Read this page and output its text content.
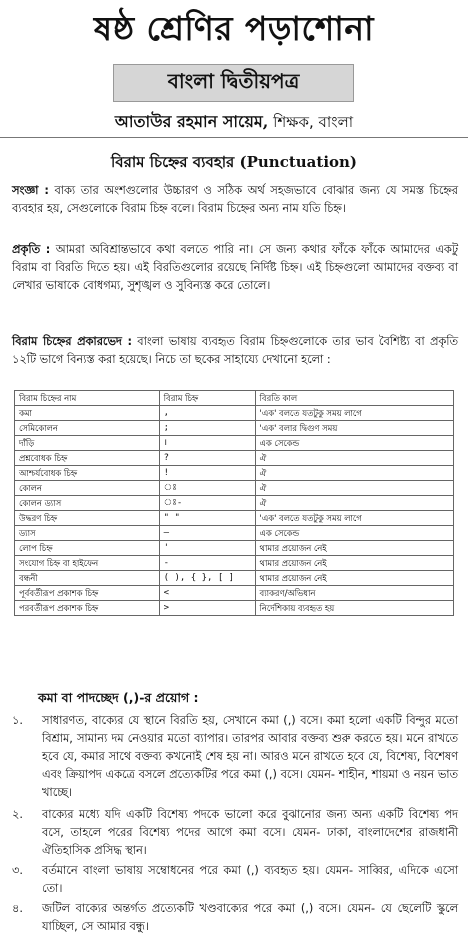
ষষ্ঠ শ্রেণির পড়াশোনা
বাংলা দ্বিতীয়পত্র
আতাউর রহমান সায়েম, শিক্ষক, বাংলা
বিরাম চিহ্নের ব্যবহার (Punctuation)

সংজ্ঞা : বাক্য তার অংশগুলোর উচ্চারণ ও সঠিক অর্থ সহজভাবে বোঝার জন্য যে সমস্ত চিহ্নের ব্যবহার হয়, সেগুলোকে বিরাম চিহ্ন বলে। বিরাম চিহ্নের অন্য নাম যতি চিহ্ন।

প্রকৃতি : আমরা অবিশ্রান্তভাবে কথা বলতে পারি না। সে জন্য কথার ফাঁকে ফাঁকে আমাদের একটু বিরাম বা বিরতি দিতে হয়। এই বিরতিগুলোর রয়েছে নির্দিষ্ট চিহ্ন। এই চিহ্নগুলো আমাদের বক্তব্য বা লেখার ভাষাকে বোধগম্য, সুশৃঙ্খল ও সুবিন্যস্ত করে তোলে।

বিরাম চিহ্নের প্রকারভেদ : বাংলা ভাষায় ব্যবহৃত বিরাম চিহ্নগুলোকে তার ভাব বৈশিষ্ট্য বা প্রকৃতি ১২টি ভাগে বিন্যস্ত করা হয়েছে। নিচে তা ছকের সাহায্যে দেখানো হলো :

বিরাম চিহ্নের নাম	বিরাম চিহ্ন	বিরতি কাল
কমা	,	'এক' বলতে যতটুকু সময় লাগে
সেমিকোলন	;	'এক' বলার দ্বিগুণ সময়
দাঁড়ি	।	এক সেকেন্ড
প্রশ্নবোধক চিহ্ন	?	ঐ
আশ্চর্যবোধক চিহ্ন	!	ঐ
কোলন	ঃ	ঐ
কোলন ড্যাস	ঃ-	ঐ
উদ্ধরণ চিহ্ন	" "	'এক' বলতে যতটুকু সময় লাগে
ড্যাস	—	এক সেকেন্ড
লোপ চিহ্ন	'	থামার প্রয়োজন নেই
সংযোগ চিহ্ন বা হাইফেন	-	থামার প্রয়োজন নেই
বন্ধনী	( ), { }, [ ]	থামার প্রয়োজন নেই
পূর্ববর্তীরূপ প্রকাশক চিহ্ন	<	ব্যাকরণ/অভিধান
পরবর্তীরূপ প্রকাশক চিহ্ন	>	নির্দেশিকায় ব্যবহৃত হয়
কমা বা পাদচ্ছেদ (,)-র প্রয়োগ :
১.	সাধারণত, বাক্যের যে স্থানে বিরতি হয়, সেখানে কমা (,) বসে। কমা হলো একটি বিন্দুর মতো বিশ্রাম, সামান্য দম নেওয়ার মতো ব্যাপার। তারপর আবার বক্তব্য শুরু করতে হয়। মনে রাখতে হবে যে, কমার সাথে বক্তব্য কখনোই শেষ হয় না। আরও মনে রাখতে হবে যে, বিশেষ্য, বিশেষণ এবং ক্রিয়াপদ একত্রে বসলে প্রত্যেকটির পরে কমা (,) বসে। যেমন- শাহীন, শায়মা ও নয়ন ভাত খাচ্ছে।
২.	বাক্যের মধ্যে যদি একটি বিশেষ্য পদকে ভালো করে বুঝানোর জন্য অন্য একটি বিশেষ্য পদ বসে, তাহলে পরের বিশেষ্য পদের আগে কমা বসে। যেমন- ঢাকা, বাংলাদেশের রাজধানী ঐতিহাসিক প্রসিদ্ধ স্থান।
৩.	বর্তমানে বাংলা ভাষায় সম্বোধনের পরে কমা (,) ব্যবহৃত হয়। যেমন- সাব্বির, এদিকে এসো তো।
৪.	জটিল বাক্যের অন্তর্গত প্রত্যেকটি খণ্ডবাক্যের পরে কমা (,) বসে। যেমন- যে ছেলেটি স্কুলে যাচ্ছিল, সে আমার বন্ধু।
